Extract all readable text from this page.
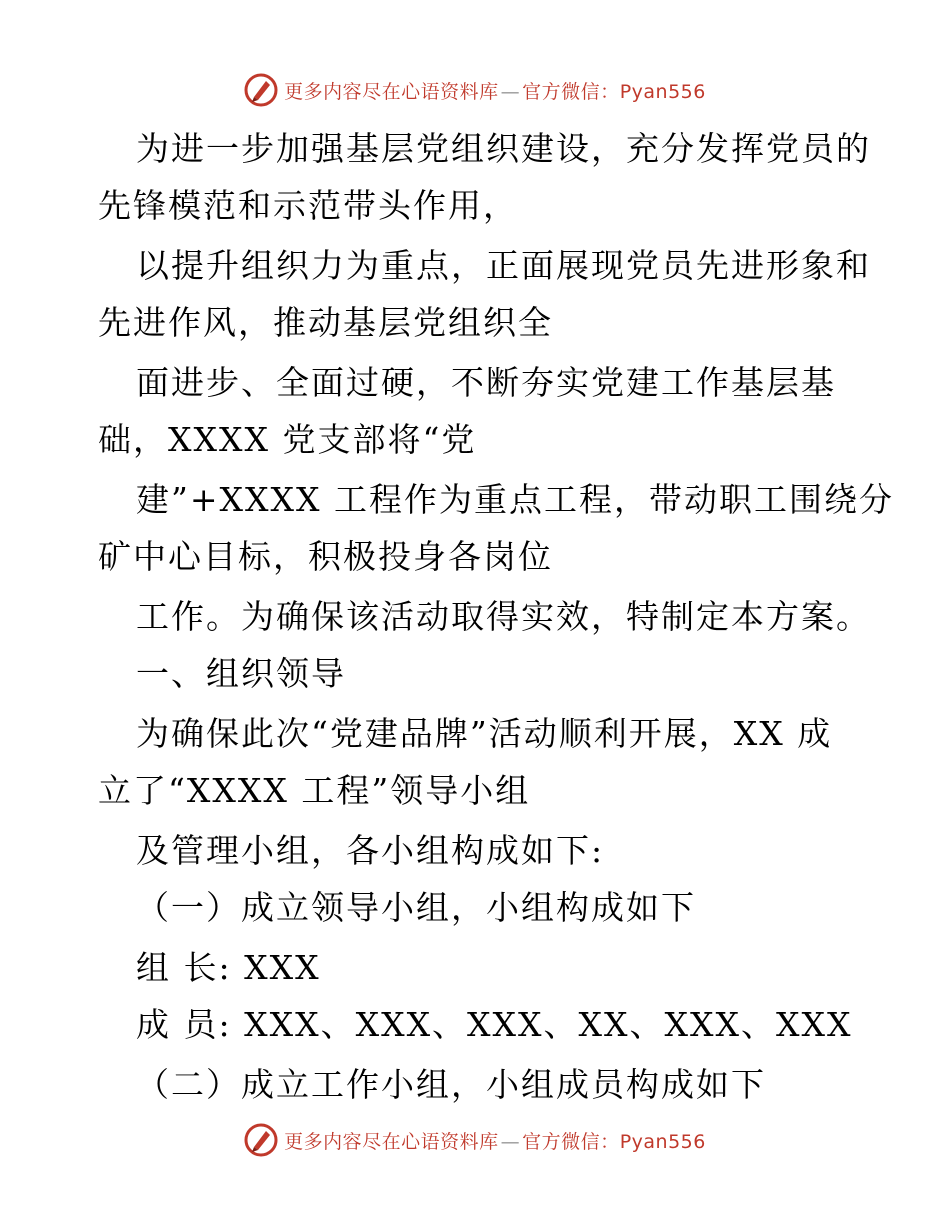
更多内容尽在心语资料库 — 官方微信：Pyan556
为进一步加强基层党组织建设，充分发挥党员的
先锋模范和示范带头作用，
以提升组织力为重点，正面展现党员先进形象和
先进作风，推动基层党组织全
面进步、全面过硬，不断夯实党建工作基层基
础，XXXX 党支部将“党
建”+XXXX 工程作为重点工程，带动职工围绕分
矿中心目标，积极投身各岗位
工作。为确保该活动取得实效，特制定本方案。
一、组织领导
为确保此次“党建品牌”活动顺利开展，XX 成
立了“XXXX 工程”领导小组
及管理小组，各小组构成如下:
（一）成立领导小组，小组构成如下
组 长: XXX
成 员: XXX、XXX、XXX、XX、XXX、XXX
（二）成立工作小组，小组成员构成如下
更多内容尽在心语资料库 — 官方微信：Pyan556
